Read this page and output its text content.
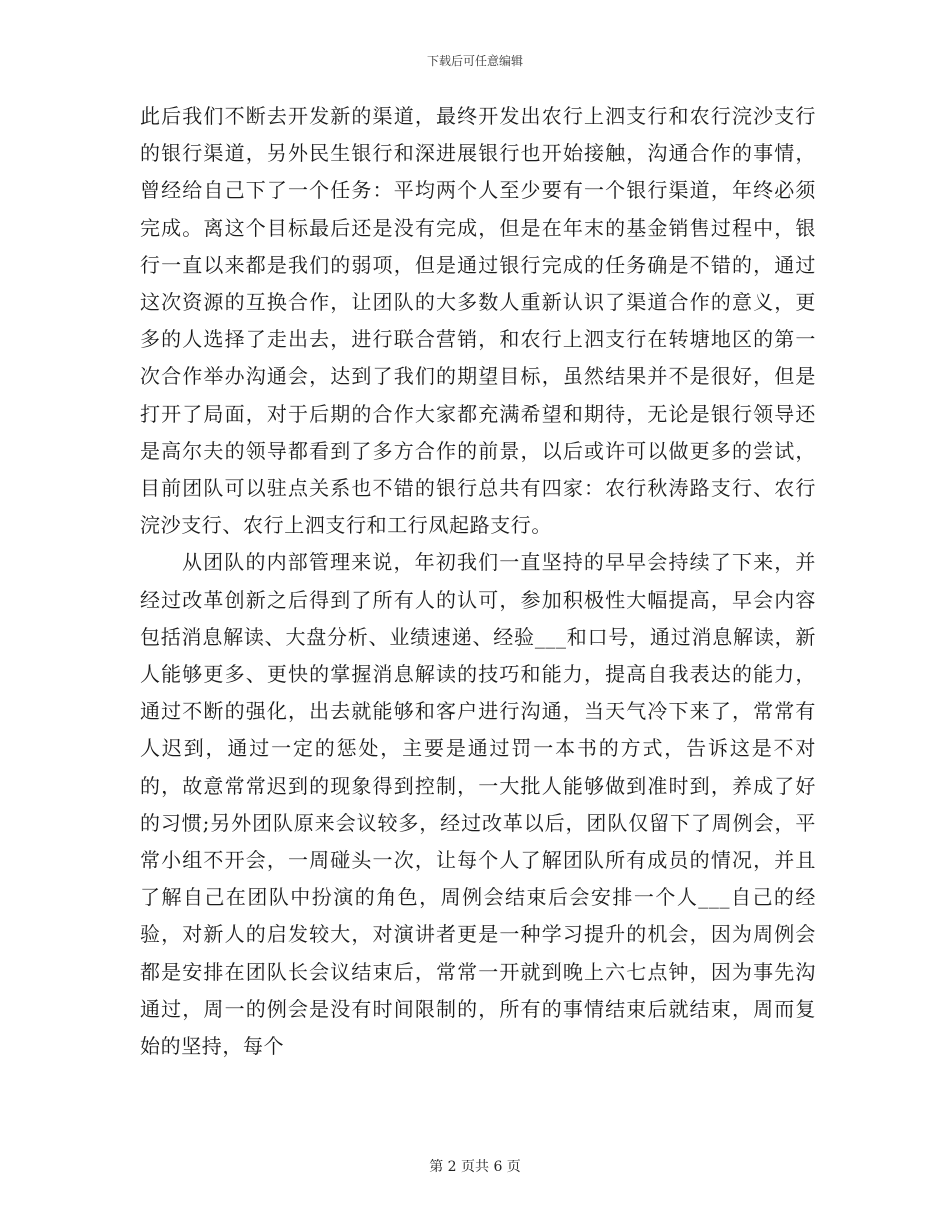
下载后可任意编辑

此后我们不断去开发新的渠道，最终开发出农行上泗支行和农行浣沙支行的银行渠道，另外民生银行和深进展银行也开始接触，沟通合作的事情，曾经给自己下了一个任务：平均两个人至少要有一个银行渠道，年终必须完成。离这个目标最后还是没有完成，但是在年末的基金销售过程中，银行一直以来都是我们的弱项，但是通过银行完成的任务确是不错的，通过这次资源的互换合作，让团队的大多数人重新认识了渠道合作的意义，更多的人选择了走出去，进行联合营销，和农行上泗支行在转塘地区的第一次合作举办沟通会，达到了我们的期望目标，虽然结果并不是很好，但是打开了局面，对于后期的合作大家都充满希望和期待，无论是银行领导还是高尔夫的领导都看到了多方合作的前景，以后或许可以做更多的尝试，目前团队可以驻点关系也不错的银行总共有四家：农行秋涛路支行、农行浣沙支行、农行上泗支行和工行凤起路支行。

从团队的内部管理来说，年初我们一直坚持的早早会持续了下来，并经过改革创新之后得到了所有人的认可，参加积极性大幅提高，早会内容包括消息解读、大盘分析、业绩速递、经验___和口号，通过消息解读，新人能够更多、更快的掌握消息解读的技巧和能力，提高自我表达的能力，通过不断的强化，出去就能够和客户进行沟通，当天气冷下来了，常常有人迟到，通过一定的惩处，主要是通过罚一本书的方式，告诉这是不对的，故意常常迟到的现象得到控制，一大批人能够做到准时到，养成了好的习惯;另外团队原来会议较多，经过改革以后，团队仅留下了周例会，平常小组不开会，一周碰头一次，让每个人了解团队所有成员的情况，并且了解自己在团队中扮演的角色，周例会结束后会安排一个人___自己的经验，对新人的启发较大，对演讲者更是一种学习提升的机会，因为周例会都是安排在团队长会议结束后，常常一开就到晚上六七点钟，因为事先沟通过，周一的例会是没有时间限制的，所有的事情结束后就结束，周而复始的坚持，每个

第 2 页共 6 页
